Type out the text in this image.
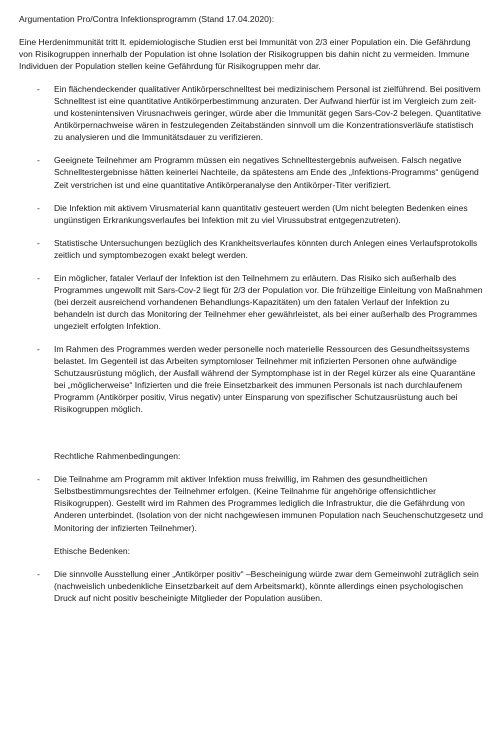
Argumentation Pro/Contra Infektionsprogramm (Stand 17.04.2020):

Eine Herdenimmunität tritt lt. epidemiologische Studien erst bei Immunität von 2/3 einer Population ein. Die Gefährdung von Risikogruppen innerhalb der Population ist ohne Isolation der Risikogruppen bis dahin nicht zu vermeiden. Immune Individuen der Population stellen keine Gefährdung für Risikogruppen mehr dar.

- Ein flächendeckender qualitativer Antikörperschnelltest bei medizinischem Personal ist zielführend. Bei positivem Schnelltest ist eine quantitative Antikörperbestimmung anzuraten. Der Aufwand hierfür ist im Vergleich zum zeit- und kostenintensiven Virusnachweis geringer, würde aber die Immunität gegen Sars-Cov-2 belegen. Quantitative Antikörpernachweise wären in festzulegenden Zeitabständen sinnvoll um die Konzentrationsverläufe statistisch zu analysieren und die Immunitätsdauer zu verifizieren.
- Geeignete Teilnehmer am Programm müssen ein negatives Schnelltestergebnis aufweisen. Falsch negative Schnelltestergebnisse hätten keinerlei Nachteile, da spätestens am Ende des „Infektions-Programms“ genügend Zeit verstrichen ist und eine quantitative Antikörperanalyse den Antikörper-Titer verifiziert.
- Die Infektion mit aktivem Virusmaterial kann quantitativ gesteuert werden (Um nicht belegten Bedenken eines ungünstigen Erkrankungsverlaufes bei Infektion mit zu viel Virussubstrat entgegenzutreten).
- Statistische Untersuchungen bezüglich des Krankheitsverlaufes könnten durch Anlegen eines Verlaufsprotokolls zeitlich und symptombezogen exakt belegt werden.
- Ein möglicher, fataler Verlauf der Infektion ist den Teilnehmern zu erläutern. Das Risiko sich außerhalb des Programmes ungewollt mit Sars-Cov-2 liegt für 2/3 der Population vor. Die frühzeitige Einleitung von Maßnahmen (bei derzeit ausreichend vorhandenen Behandlungs-Kapazitäten) um den fatalen Verlauf der Infektion zu behandeln ist durch das Monitoring der Teilnehmer eher gewährleistet, als bei einer außerhalb des Programmes ungezielt erfolgten Infektion.
- Im Rahmen des Programmes werden weder personelle noch materielle Ressourcen des Gesundheitssystems belastet. Im Gegenteil ist das Arbeiten symptomloser Teilnehmer mit infizierten Personen ohne aufwändige Schutzausrüstung möglich, der Ausfall während der Symptomphase ist in der Regel kürzer als eine Quarantäne bei „möglicherweise“ Infizierten und die freie Einsetzbarkeit des immunen Personals ist nach durchlaufenem Programm (Antikörper positiv, Virus negativ) unter Einsparung von spezifischer Schutzausrüstung auch bei Risikogruppen möglich.

Rechtliche Rahmenbedingungen:

- Die Teilnahme am Programm mit aktiver Infektion muss freiwillig, im Rahmen des gesundheitlichen Selbstbestimmungsrechtes der Teilnehmer erfolgen. (Keine Teilnahme für angehörige offensichtlicher Risikogruppen). Gestellt wird im Rahmen des Programmes lediglich die Infrastruktur, die die Gefährdung von Anderen unterbindet. (Isolation von der nicht nachgewiesen immunen Population nach Seuchenschutzgesetz und Monitoring der infizierten Teilnehmer).

Ethische Bedenken:

- Die sinnvolle Ausstellung einer „Antikörper positiv“ –Bescheinigung würde zwar dem Gemeinwohl zuträglich sein (nachweislich unbedenkliche Einsetzbarkeit auf dem Arbeitsmarkt), könnte allerdings einen psychologischen Druck auf nicht positiv bescheinigte Mitglieder der Population ausüben.
